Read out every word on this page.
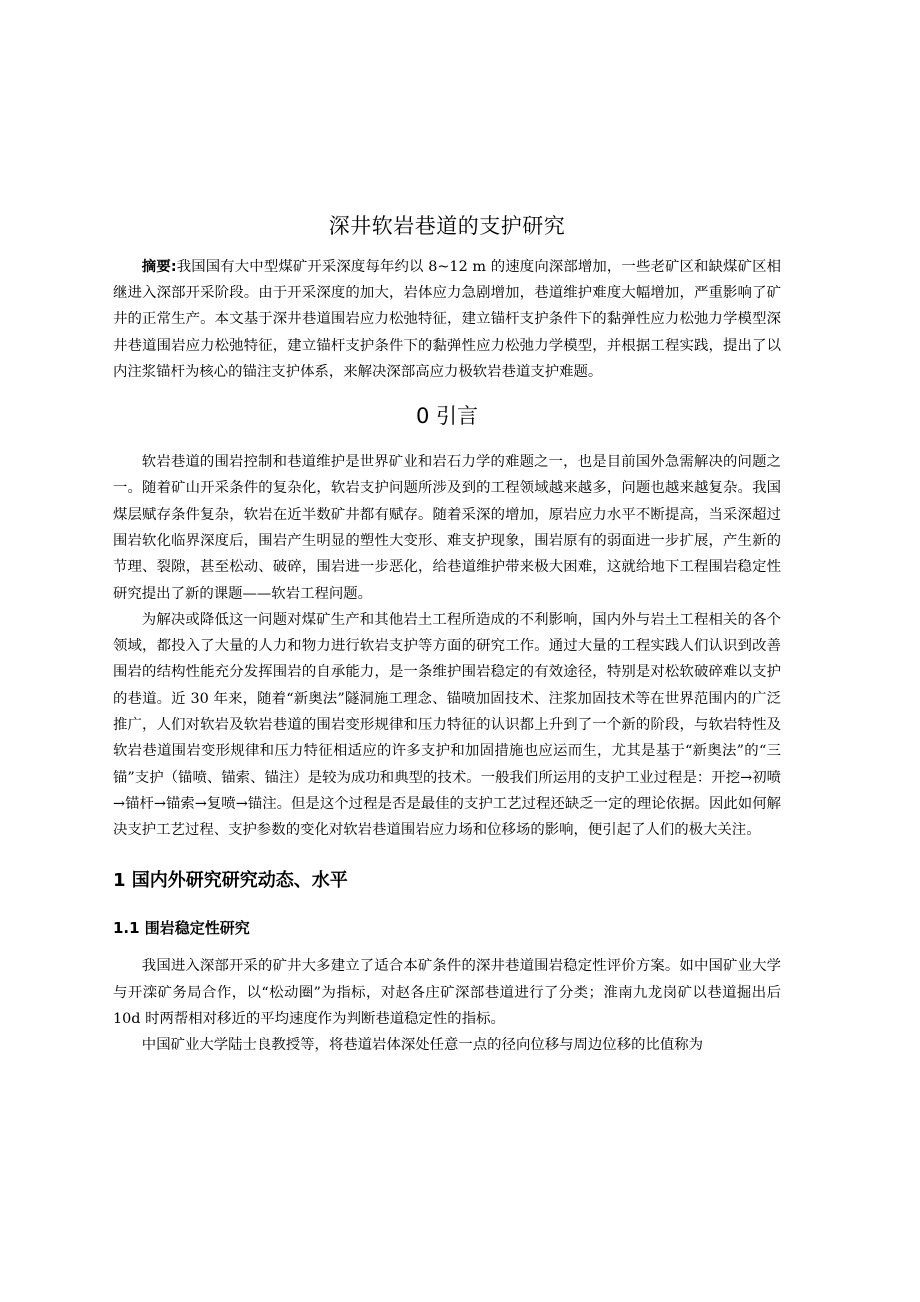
深井软岩巷道的支护研究

摘要:我国国有大中型煤矿开采深度每年约以 8~12 m 的速度向深部增加，一些老矿区和缺煤矿区相继进入深部开采阶段。由于开采深度的加大，岩体应力急剧增加，巷道维护难度大幅增加，严重影响了矿井的正常生产。本文基于深井巷道围岩应力松弛特征，建立锚杆支护条件下的黏弹性应力松弛力学模型深井巷道围岩应力松弛特征，建立锚杆支护条件下的黏弹性应力松弛力学模型，并根据工程实践，提出了以内注浆锚杆为核心的锚注支护体系，来解决深部高应力极软岩巷道支护难题。

0 引言

软岩巷道的围岩控制和巷道维护是世界矿业和岩石力学的难题之一，也是目前国外急需解决的问题之一。随着矿山开采条件的复杂化，软岩支护问题所涉及到的工程领域越来越多，问题也越来越复杂。我国煤层赋存条件复杂，软岩在近半数矿井都有赋存。随着采深的增加，原岩应力水平不断提高，当采深超过围岩软化临界深度后，围岩产生明显的塑性大变形、难支护现象，围岩原有的弱面进一步扩展，产生新的节理、裂隙，甚至松动、破碎，围岩进一步恶化，给巷道维护带来极大困难，这就给地下工程围岩稳定性研究提出了新的课题——软岩工程问题。

为解决或降低这一问题对煤矿生产和其他岩土工程所造成的不利影响，国内外与岩土工程相关的各个领域，都投入了大量的人力和物力进行软岩支护等方面的研究工作。通过大量的工程实践人们认识到改善围岩的结构性能充分发挥围岩的自承能力，是一条维护围岩稳定的有效途径，特别是对松软破碎难以支护的巷道。近 30 年来，随着“新奥法”隧洞施工理念、锚喷加固技术、注浆加固技术等在世界范围内的广泛推广，人们对软岩及软岩巷道的围岩变形规律和压力特征的认识都上升到了一个新的阶段，与软岩特性及软岩巷道围岩变形规律和压力特征相适应的许多支护和加固措施也应运而生，尤其是基于“新奥法”的“三锚”支护（锚喷、锚索、锚注）是较为成功和典型的技术。一般我们所运用的支护工业过程是：开挖→初喷→锚杆→锚索→复喷→锚注。但是这个过程是否是最佳的支护工艺过程还缺乏一定的理论依据。因此如何解决支护工艺过程、支护参数的变化对软岩巷道围岩应力场和位移场的影响，便引起了人们的极大关注。

1 国内外研究研究动态、水平
1.1 围岩稳定性研究

我国进入深部开采的矿井大多建立了适合本矿条件的深井巷道围岩稳定性评价方案。如中国矿业大学与开滦矿务局合作，以“松动圈”为指标，对赵各庄矿深部巷道进行了分类；淮南九龙岗矿以巷道掘出后 10d 时两帮相对移近的平均速度作为判断巷道稳定性的指标。

中国矿业大学陆士良教授等，将巷道岩体深处任意一点的径向位移与周边位移的比值称为
